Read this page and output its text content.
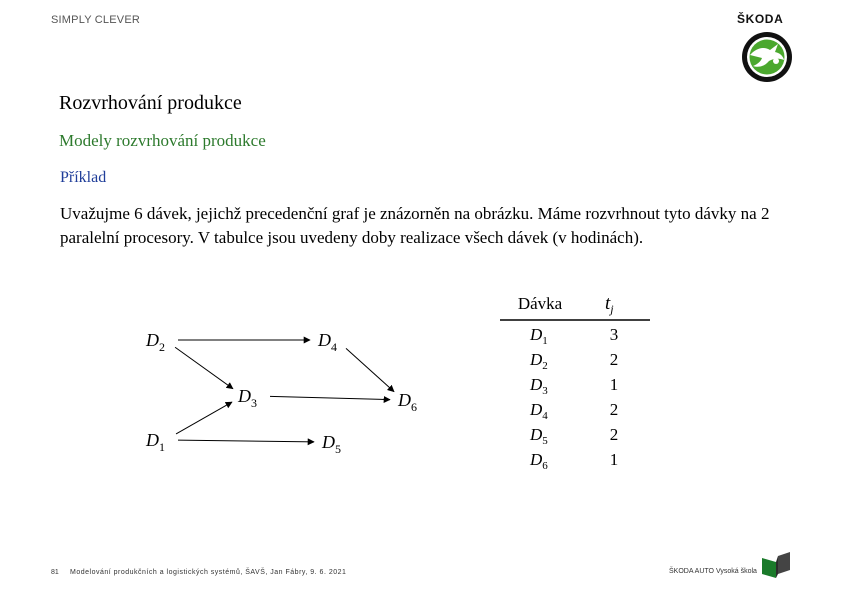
SIMPLY CLEVER	ŠKODA
Rozvrhování produkce
Modely rozvrhování produkce
Příklad

Uvažujme 6 dávek, jejichž precedenční graf je znázorněn na obrázku. Máme rozvrhnout tyto dávky na 2 paralelní procesory. V tabulce jsou uvedeny doby realizace všech dávek (v hodinách).

$D_2$	$D_4$
$D_3$	$D_6$
$D_1$	$D_5$
Dávka $t_j$
$D_1$	3
$D_2$	2
$D_3$	1
$D_4$	2
$D_5$	2
$D_6$	1
81 Modelování produkčních a logistických systémů, ŠAVŠ, Jan Fábry, 9. 6. 2021	ŠKODA AUTO Vysoká škola
